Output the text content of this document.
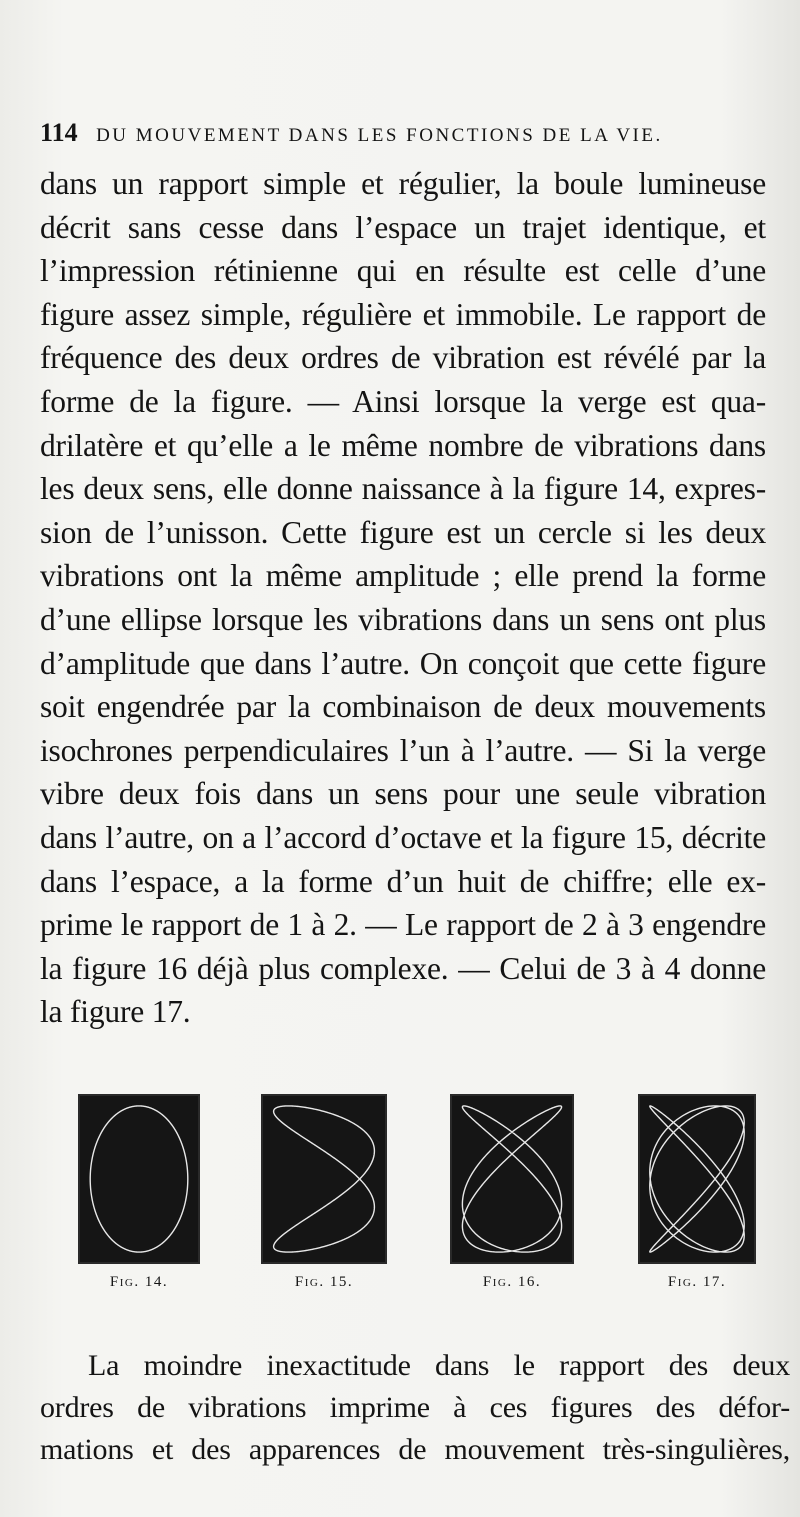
114 DU MOUVEMENT DANS LES FONCTIONS DE LA VIE.
dans un rapport simple et régulier, la boule lumineuse
décrit sans cesse dans l’espace un trajet identique, et
l’impression rétinienne qui en résulte est celle d’une
figure assez simple, régulière et immobile. Le rapport de
fréquence des deux ordres de vibration est révélé par la
forme de la figure. — Ainsi lorsque la verge est qua-
drilatère et qu’elle a le même nombre de vibrations dans
les deux sens, elle donne naissance à la figure 14, expres-
sion de l’unisson. Cette figure est un cercle si les deux
vibrations ont la même amplitude ; elle prend la forme
d’une ellipse lorsque les vibrations dans un sens ont plus
d’amplitude que dans l’autre. On conçoit que cette figure
soit engendrée par la combinaison de deux mouvements
isochrones perpendiculaires l’un à l’autre. — Si la verge
vibre deux fois dans un sens pour une seule vibration
dans l’autre, on a l’accord d’octave et la figure 15, décrite
dans l’espace, a la forme d’un huit de chiffre; elle ex-
prime le rapport de 1 à 2. — Le rapport de 2 à 3 engendre
la figure 16 déjà plus complexe. — Celui de 3 à 4 donne
la figure 17.
Fig. 14.	Fig. 15.	Fig. 16.	Fig. 17.
La moindre inexactitude dans le rapport des deux
ordres de vibrations imprime à ces figures des défor-
mations et des apparences de mouvement très-singulières,
